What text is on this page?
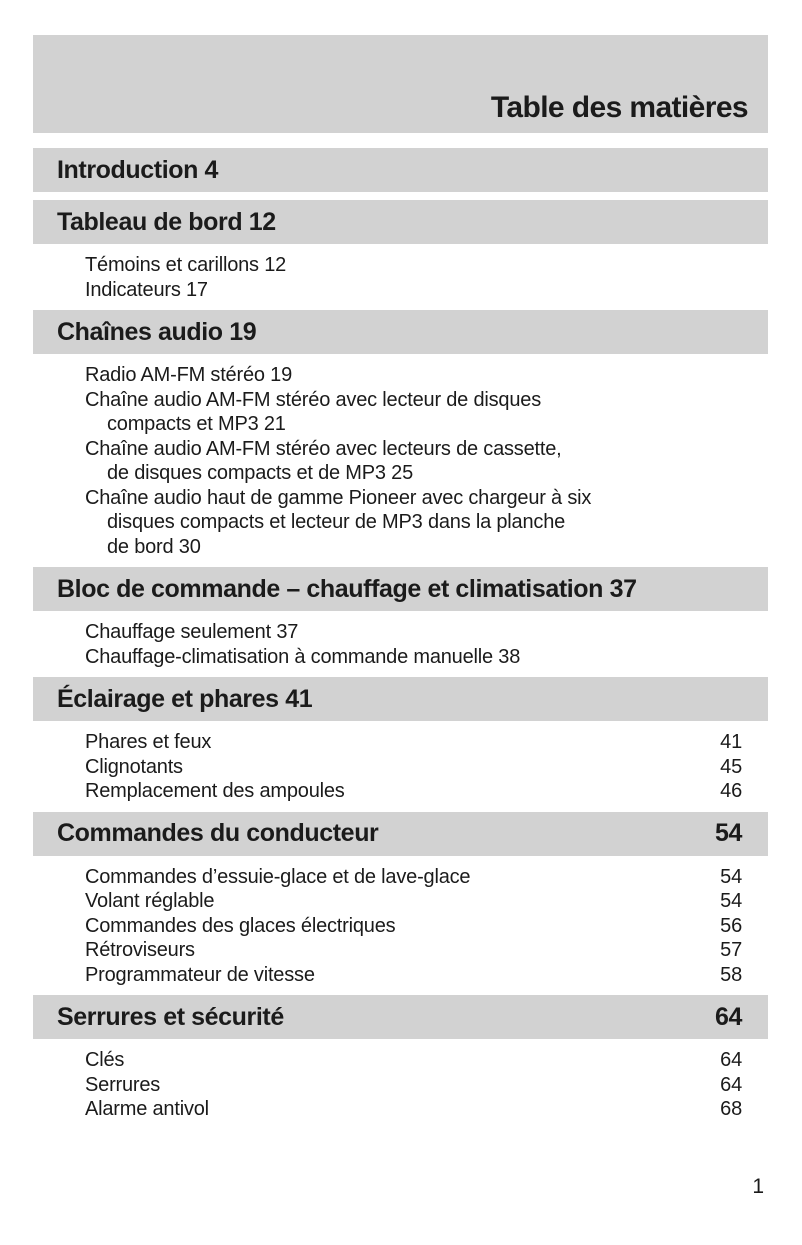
Table des matières
Introduction 4
Tableau de bord 12
Témoins et carillons 12
Indicateurs 17
Chaînes audio 19
Radio AM-FM stéréo 19
Chaîne audio AM-FM stéréo avec lecteur de disques
compacts et MP3 21
Chaîne audio AM-FM stéréo avec lecteurs de cassette,
de disques compacts et de MP3 25
Chaîne audio haut de gamme Pioneer avec chargeur à six
disques compacts et lecteur de MP3 dans la planche
de bord 30
Bloc de commande – chauffage et climatisation 37
Chauffage seulement 37
Chauffage-climatisation à commande manuelle 38
Éclairage et phares 41
Phares et feux	41
Clignotants	45
Remplacement des ampoules	46
Commandes du conducteur	54
Commandes d’essuie-glace et de lave-glace	54
Volant réglable	54
Commandes des glaces électriques	56
Rétroviseurs	57
Programmateur de vitesse	58
Serrures et sécurité	64
Clés	64
Serrures	64
Alarme antivol	68
1
